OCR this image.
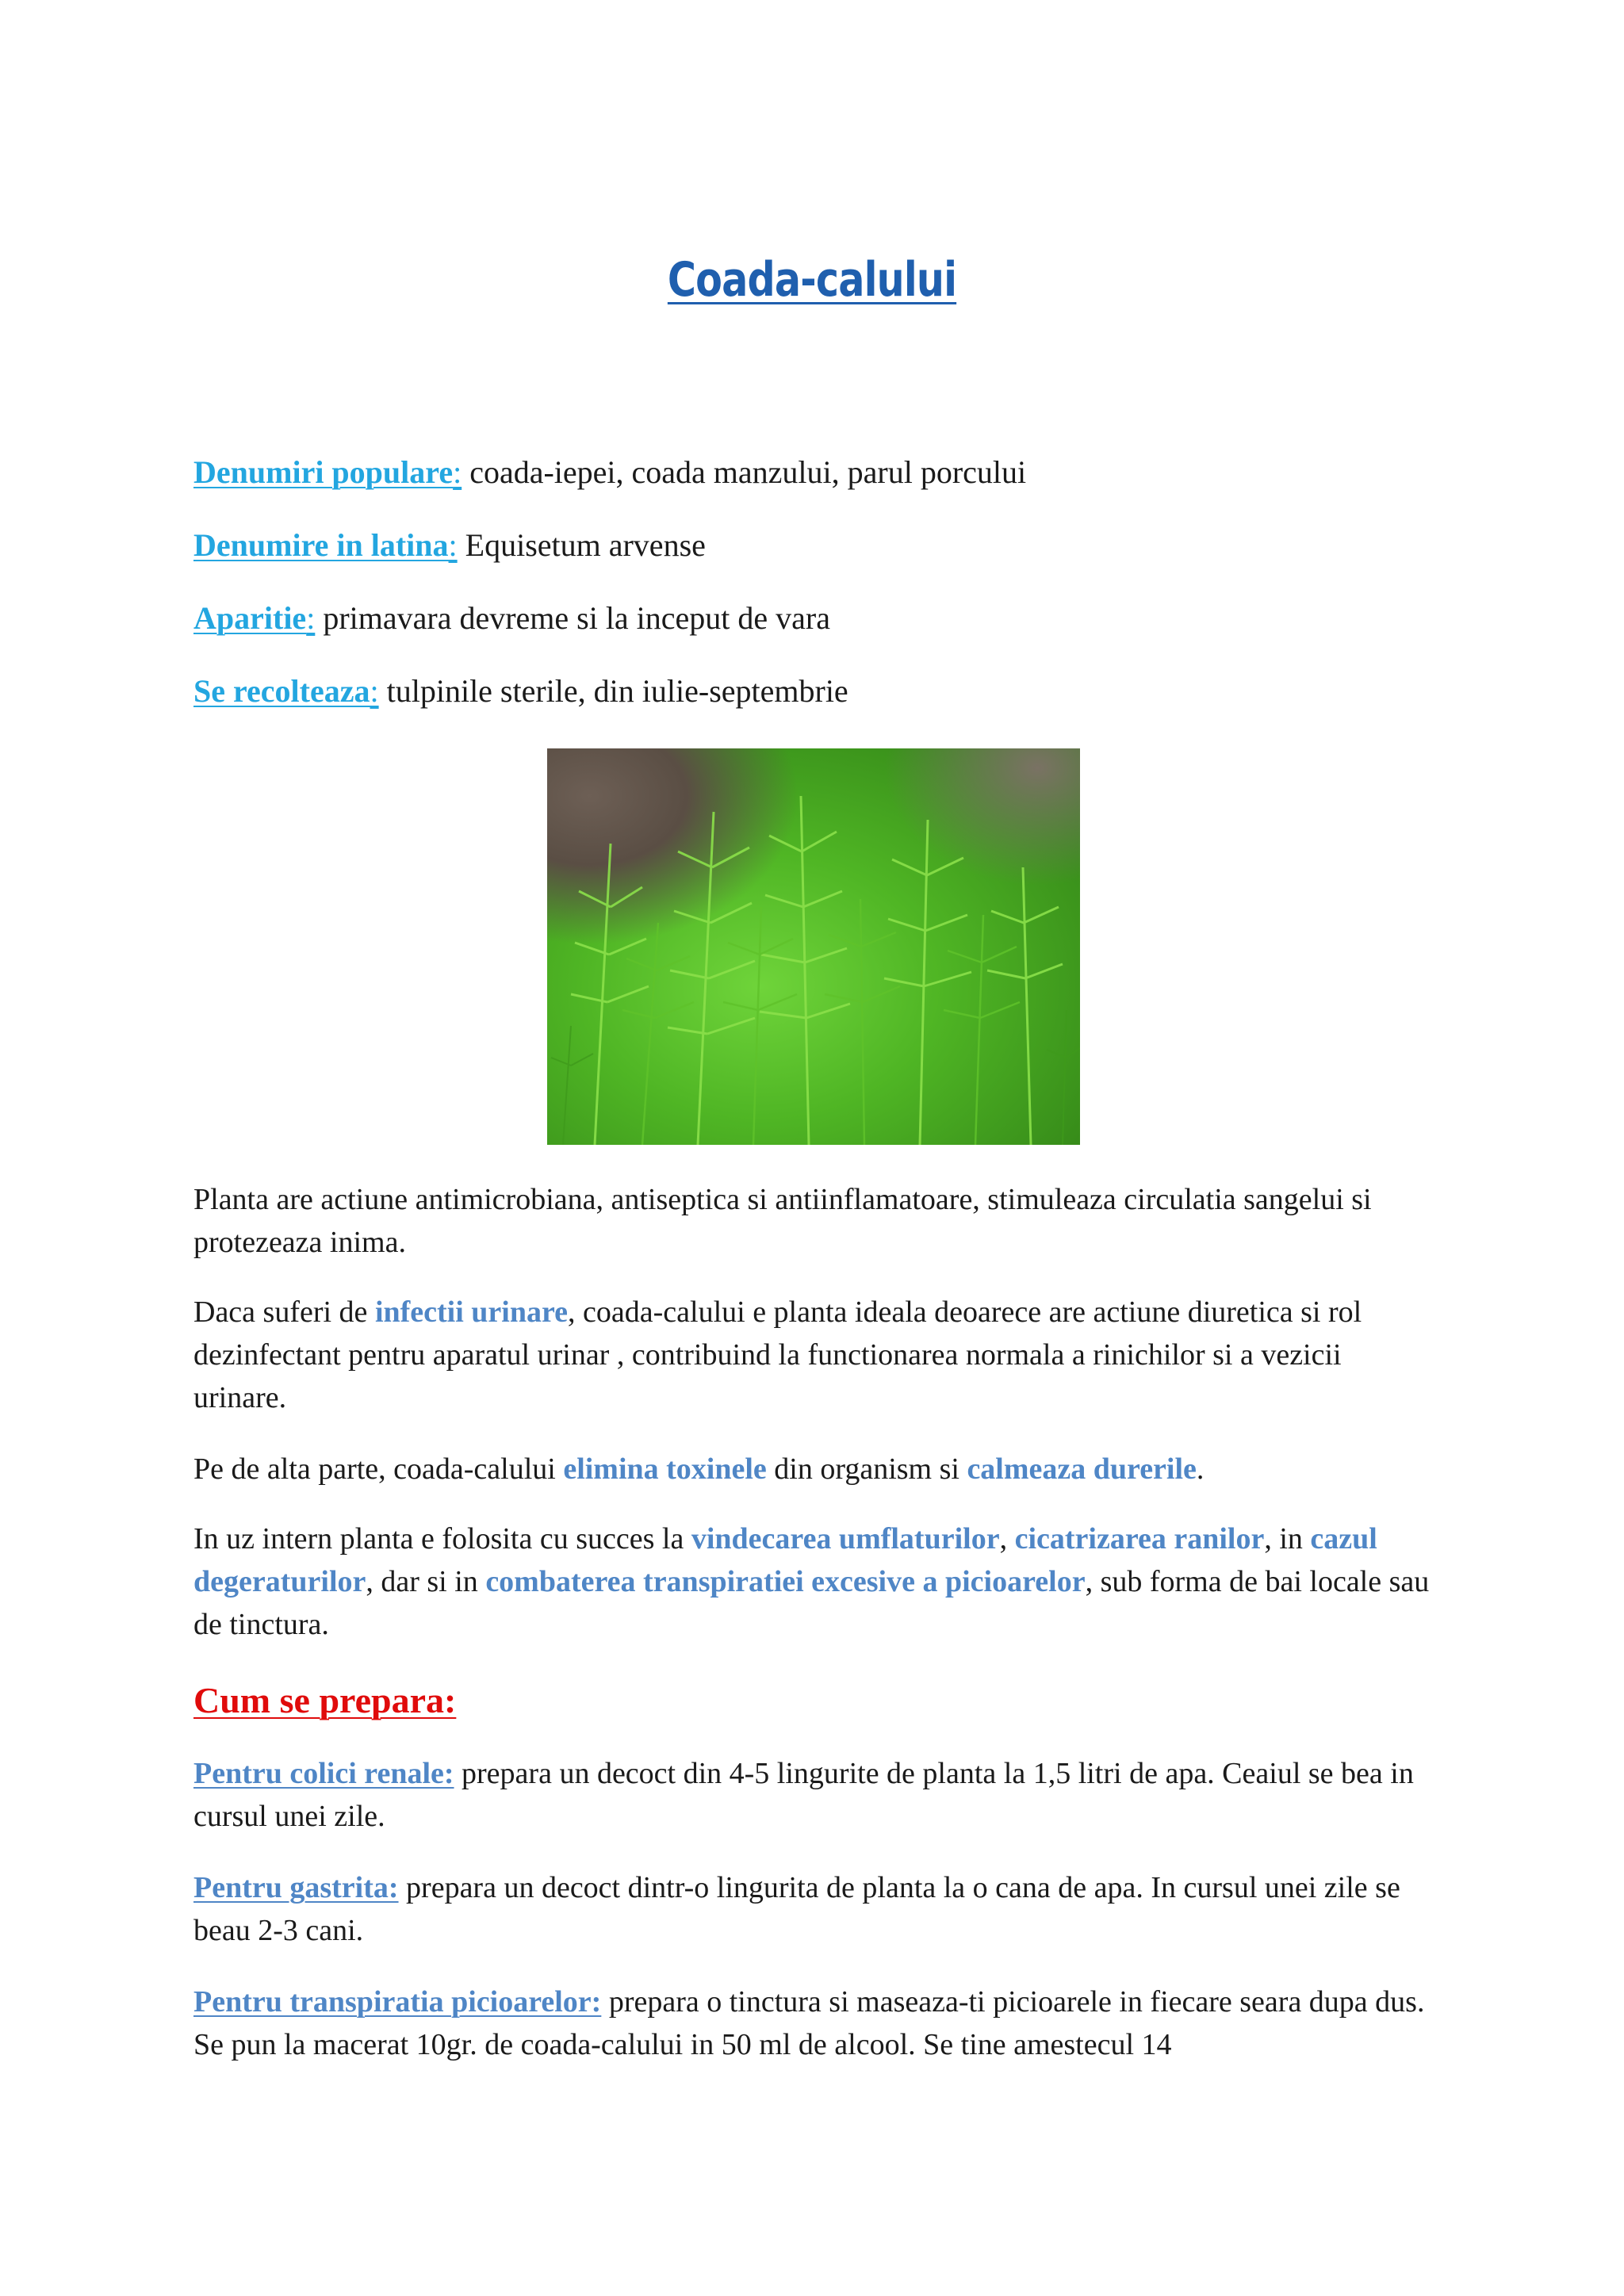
Coada-calului

Denumiri populare: coada-iepei, coada manzului, parul porcului

Denumire in latina: Equisetum arvense

Aparitie: primavara devreme si la inceput de vara

Se recolteaza: tulpinile sterile, din iulie-septembrie

Planta are actiune antimicrobiana, antiseptica si antiinflamatoare, stimuleaza circulatia sangelui si protezeaza inima.

Daca suferi de infectii urinare, coada-calului e planta ideala deoarece are actiune diuretica si rol dezinfectant pentru aparatul urinar , contribuind la functionarea normala a rinichilor si a vezicii urinare.

Pe de alta parte, coada-calului elimina toxinele din organism si calmeaza durerile.

In uz intern planta e folosita cu succes la vindecarea umflaturilor, cicatrizarea ranilor, in cazul degeraturilor, dar si in combaterea transpiratiei excesive a picioarelor, sub forma de bai locale sau de tinctura.

Cum se prepara:

Pentru colici renale: prepara un decoct din 4-5 lingurite de planta la 1,5 litri de apa. Ceaiul se bea in cursul unei zile.

Pentru gastrita: prepara un decoct dintr-o lingurita de planta la o cana de apa. In cursul unei zile se beau 2-3 cani.

Pentru transpiratia picioarelor: prepara o tinctura si maseaza-ti picioarele in fiecare seara dupa dus. Se pun la macerat 10gr. de coada-calului in 50 ml de alcool. Se tine amestecul 14
